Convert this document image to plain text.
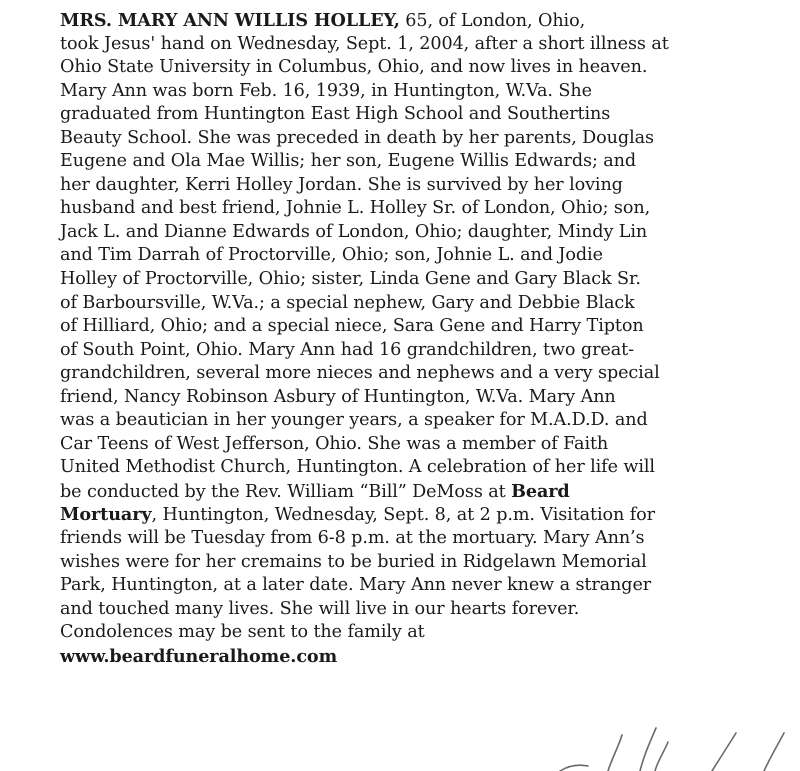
MRS. MARY ANN WILLIS HOLLEY, 65, of London, Ohio,
took Jesus' hand on Wednesday, Sept. 1, 2004, after a short illness at
Ohio State University in Columbus, Ohio, and now lives in heaven.
Mary Ann was born Feb. 16, 1939, in Huntington, W.Va. She
graduated from Huntington East High School and Southertins
Beauty School. She was preceded in death by her parents, Douglas
Eugene and Ola Mae Willis; her son, Eugene Willis Edwards; and
her daughter, Kerri Holley Jordan. She is survived by her loving
husband and best friend, Johnie L. Holley Sr. of London, Ohio; son,
Jack L. and Dianne Edwards of London, Ohio; daughter, Mindy Lin
and Tim Darrah of Proctorville, Ohio; son, Johnie L. and Jodie
Holley of Proctorville, Ohio; sister, Linda Gene and Gary Black Sr.
of Barboursville, W.Va.; a special nephew, Gary and Debbie Black
of Hilliard, Ohio; and a special niece, Sara Gene and Harry Tipton
of South Point, Ohio. Mary Ann had 16 grandchildren, two great-
grandchildren, several more nieces and nephews and a very special
friend, Nancy Robinson Asbury of Huntington, W.Va. Mary Ann
was a beautician in her younger years, a speaker for M.A.D.D. and
Car Teens of West Jefferson, Ohio. She was a member of Faith
United Methodist Church, Huntington. A celebration of her life will
be conducted by the Rev. William “Bill” DeMoss at Beard
Mortuary, Huntington, Wednesday, Sept. 8, at 2 p.m. Visitation for
friends will be Tuesday from 6-8 p.m. at the mortuary. Mary Ann’s
wishes were for her cremains to be buried in Ridgelawn Memorial
Park, Huntington, at a later date. Mary Ann never knew a stranger
and touched many lives. She will live in our hearts forever.
Condolences may be sent to the family at
www.beardfuneralhome.com
